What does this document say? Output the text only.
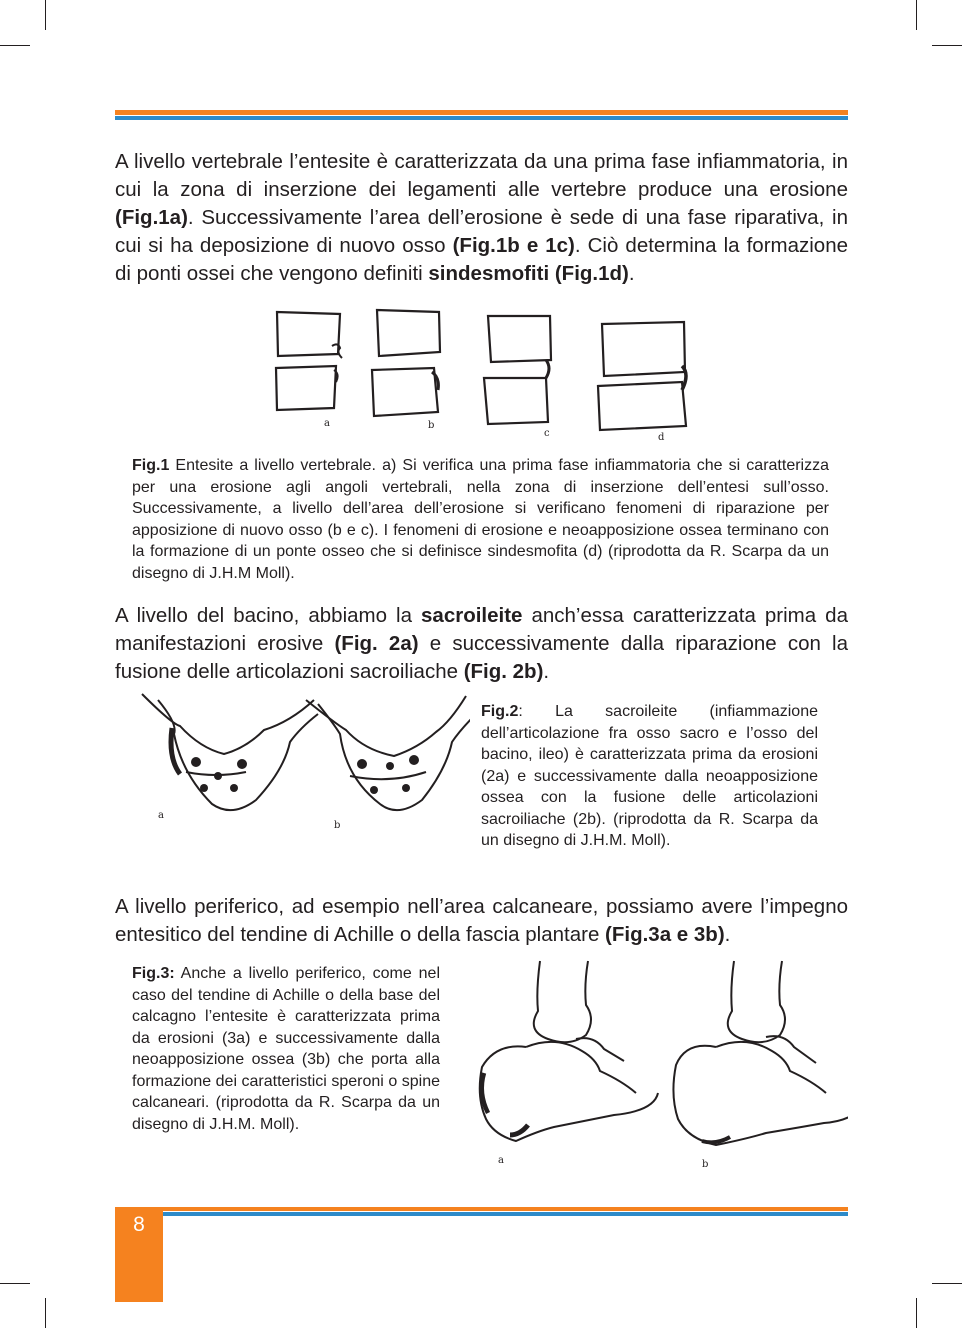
A livello vertebrale l’entesite è caratterizzata da una prima fase infiammatoria, in cui la zona di inserzione dei legamenti alle vertebre produce una erosione (Fig.1a). Successivamente l’area dell’erosione è sede di una fase riparativa, in cui si ha deposizione di nuovo osso (Fig.1b e 1c). Ciò determina la formazione di ponti ossei che vengono definiti sindesmofiti (Fig.1d).

a	b
c	d

Fig.1 Entesite a livello vertebrale. a) Si verifica una prima fase infiammatoria che si caratterizza per una erosione agli angoli vertebrali, nella zona di inserzione dell’entesi sull’osso. Successivamente, a livello dell’area dell’erosione si verificano fenomeni di riparazione per apposizione di nuovo osso (b e c). I fenomeni di erosione e neoapposizione ossea terminano con la formazione di un ponte osseo che si definisce sindesmofita (d) (riprodotta da R. Scarpa da un disegno di J.H.M Moll).

A livello del bacino, abbiamo la sacroileite anch’essa caratterizzata prima da manifestazioni erosive (Fig. 2a) e successivamente dalla riparazione con la fusione delle articolazioni sacroiliache (Fig. 2b).

a
b

Fig.2: La sacroileite (infiammazione dell’articolazione fra osso sacro e l’osso del bacino, ileo) è caratterizzata prima da erosioni (2a) e successivamente dalla neoapposizione ossea con la fusione delle articolazioni sacroiliache (2b). (riprodotta da R. Scarpa da un disegno di J.H.M. Moll).

A livello periferico, ad esempio nell’area calcaneare, possiamo avere l’impegno entesitico del tendine di Achille o della fascia plantare (Fig.3a e 3b).

Fig.3: Anche a livello periferico, come nel caso del tendine di Achille o della base del calcagno l’entesite è caratterizzata prima da erosioni (3a) e successivamente dalla neoapposizione ossea (3b) che porta alla formazione dei caratteristici speroni o spine calcaneari. (riprodotta da R. Scarpa da un disegno di J.H.M. Moll).

a	b
8
